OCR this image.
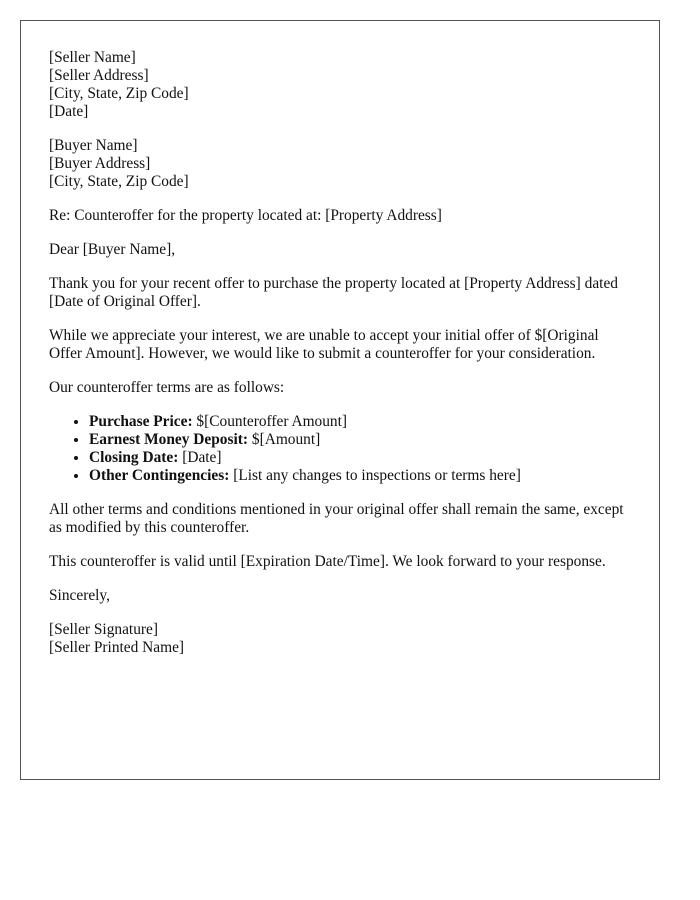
[Seller Name]
[Seller Address]
[City, State, Zip Code]
[Date]
[Buyer Name]
[Buyer Address]
[City, State, Zip Code]

Re: Counteroffer for the property located at: [Property Address]

Dear [Buyer Name],

Thank you for your recent offer to purchase the property located at [Property Address] dated [Date of Original Offer].

While we appreciate your interest, we are unable to accept your initial offer of $[Original Offer Amount]. However, we would like to submit a counteroffer for your consideration.

Our counteroffer terms are as follows:

• Purchase Price: $[Counteroffer Amount]
• Earnest Money Deposit: $[Amount]
• Closing Date: [Date]
• Other Contingencies: [List any changes to inspections or terms here]

All other terms and conditions mentioned in your original offer shall remain the same, except as modified by this counteroffer.

This counteroffer is valid until [Expiration Date/Time]. We look forward to your response.

Sincerely,

[Seller Signature]
[Seller Printed Name]
